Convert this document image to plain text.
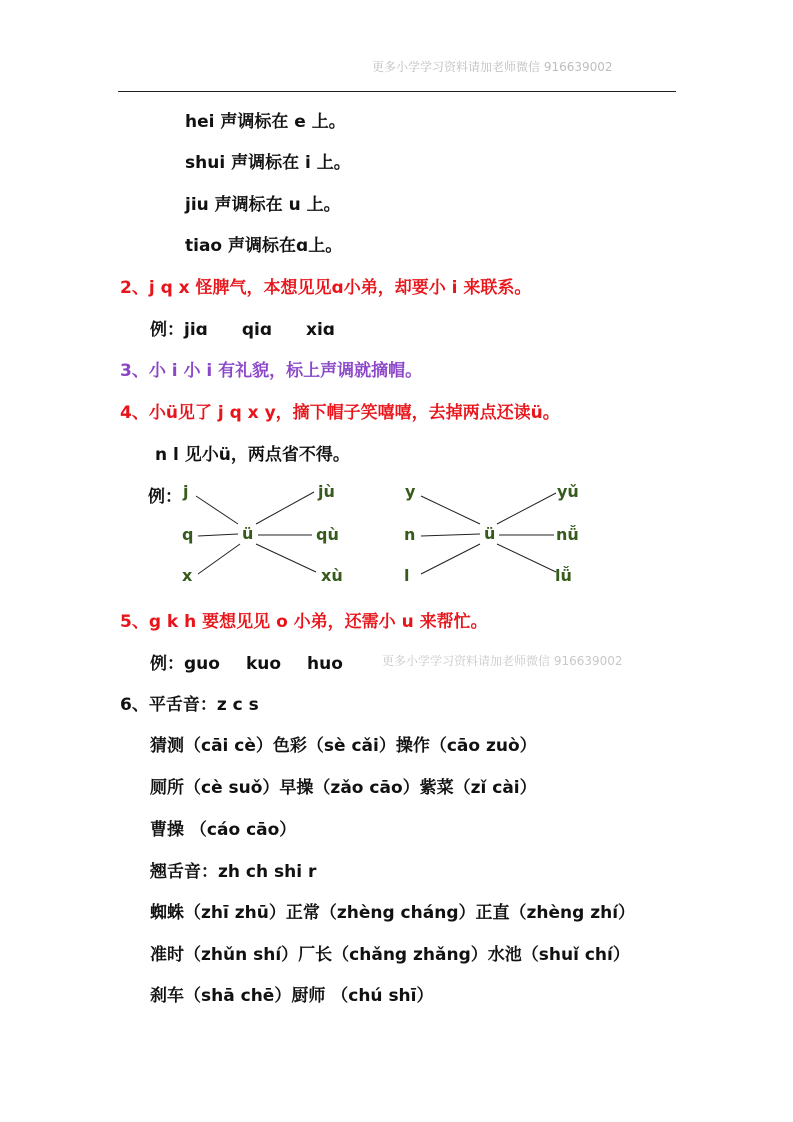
更多小学学习资料请加老师微信 916639002
hei 声调标在 e 上。
shui 声调标在 i 上。
jiu 声调标在 u 上。
tiao 声调标在ɑ上。
2、j q x 怪脾气，本想见见ɑ小弟，却要小 i 来联系。
例：jiɑ qiɑ xiɑ
3、小 i 小 i 有礼貌，标上声调就摘帽。
4、小ü见了 j q x y，摘下帽子笑嘻嘻，去掉两点还读ü。
n l 见小ü，两点省不得。
例： j
q
x
ü
jù
qù
xù
y
n
l
ü
yǔ
nǚ
lǚ
5、g k h 要想见见 o 小弟，还需小 u 来帮忙。
例：guo kuo huo	更多小学学习资料请加老师微信 916639002
6、平舌音：z c s
猜测（cāi cè）色彩（sè cǎi）操作（cāo zuò）
厕所（cè suǒ）早操（zǎo cāo）紫菜（zǐ cài）
曹操 （cáo cāo）
翘舌音：zh ch shi r
蜘蛛（zhī zhū）正常（zhèng cháng）正直（zhèng zhí）
准时（zhǔn shí）厂长（chǎng zhǎng）水池（shuǐ chí）
刹车（shā chē）厨师 （chú shī）
